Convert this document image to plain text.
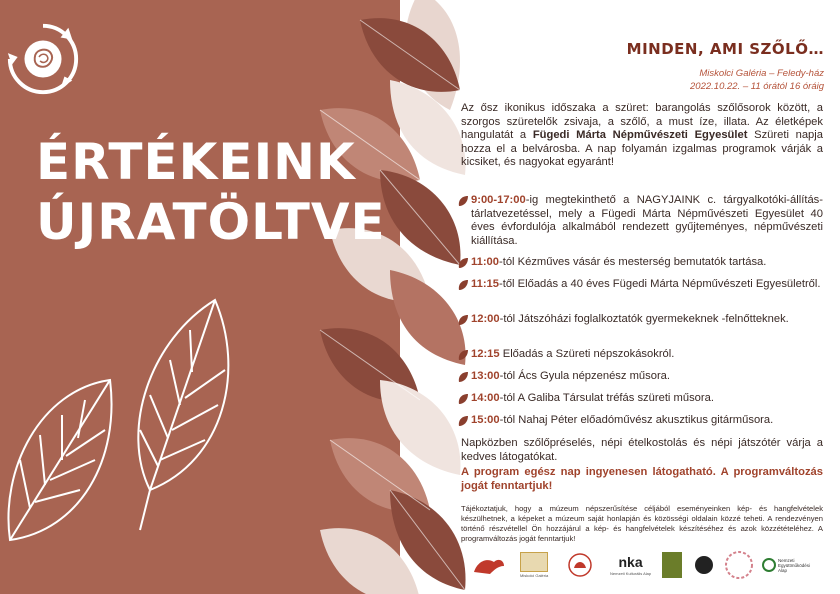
ÉRTÉKEINK
ÚJRATÖLTVE
MINDEN, AMI SZŐLŐ…
Miskolci Galéria – Feledy-ház
2022.10.22. – 11 órától 16 óráig
Az ősz ikonikus időszaka a szüret: barangolás szőlősorok között, a szorgos szüretelők zsivaja, a szőlő, a must íze, illata. Az életképek hangulatát a Fügedi Márta Népművészeti Egyesület Szüreti napja hozza el a belvárosba. A nap folyamán izgalmas programok várják a kicsiket, és nagyokat egyaránt!
9:00-17:00-ig megtekinthető a NAGYJAINK c. tárgyalkotóki-állítás-tárlatvezetéssel, mely a Fügedi Márta Népművészeti Egyesület 40 éves évfordulója alkalmából rendezett gyűjteményes, népművészeti kiállítása.
11:00-tól Kézműves vásár és mesterség bemutatók tartása.
11:15-től Előadás a 40 éves Fügedi Márta Népművészeti Egyesületről.
12:00-tól Játszóházi foglalkoztatók gyermekeknek -felnőtteknek.
12:15 Előadás a Szüreti népszokásokról.
13:00-tól Ács Gyula népzenész műsora.
14:00-tól A Galiba Társulat tréfás szüreti műsora.
15:00-tól Nahaj Péter előadóművész akusztikus gitárműsora.
Napközben szőlőpréselés, népi ételkostolás és népi játszótér várja a kedves látogatókat.
A program egész nap ingyenesen látogatható. A programváltozás jogát fenntartjuk!
Tájékoztatjuk, hogy a múzeum népszerűsítése céljából eseményeinken kép- és hangfelvételek készülhetnek, a képeket a múzeum saját honlapján és közösségi oldalain közzé teheti. A rendezvényen történő részvétellel Ön hozzájárul a kép- és hangfelvételek készítéséhez és azok közzétételéhez. A programváltozás jogát fenntartjuk!
Miskolci Galéria
nka
Nemzeti Kulturális Alap
Nemzeti Együttműködési Alap
